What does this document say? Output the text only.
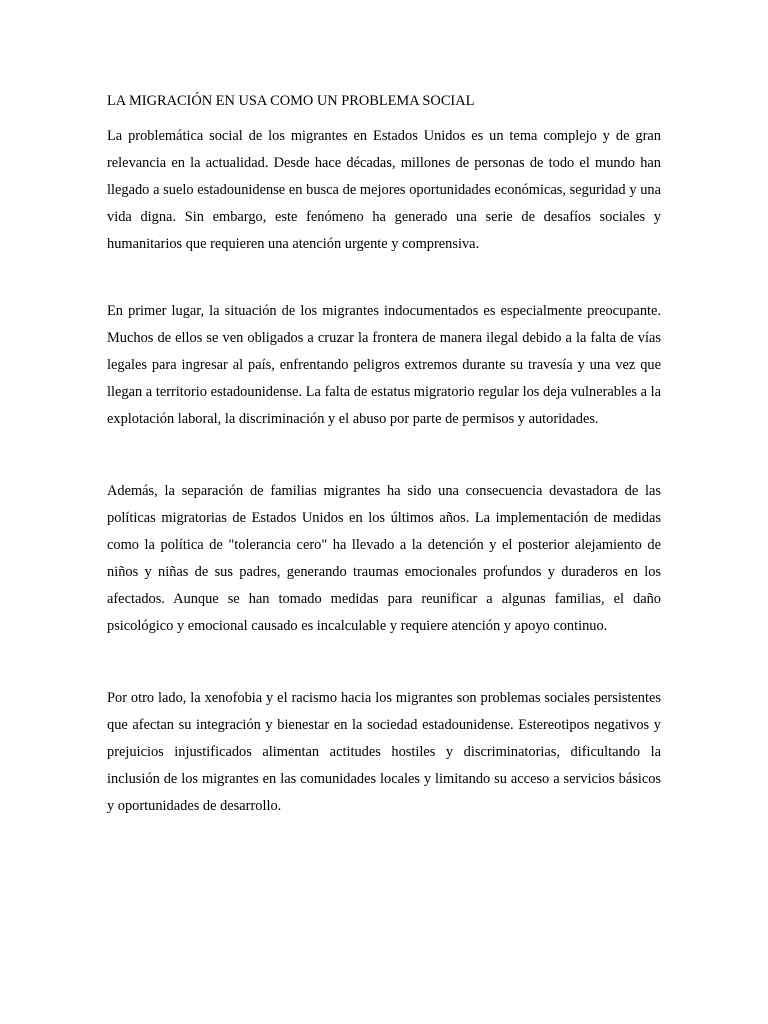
LA MIGRACIÓN EN USA COMO UN PROBLEMA SOCIAL

La problemática social de los migrantes en Estados Unidos es un tema complejo y de gran relevancia en la actualidad. Desde hace décadas, millones de personas de todo el mundo han llegado a suelo estadounidense en busca de mejores oportunidades económicas, seguridad y una vida digna. Sin embargo, este fenómeno ha generado una serie de desafíos sociales y humanitarios que requieren una atención urgente y comprensiva.

En primer lugar, la situación de los migrantes indocumentados es especialmente preocupante. Muchos de ellos se ven obligados a cruzar la frontera de manera ilegal debido a la falta de vías legales para ingresar al país, enfrentando peligros extremos durante su travesía y una vez que llegan a territorio estadounidense. La falta de estatus migratorio regular los deja vulnerables a la explotación laboral, la discriminación y el abuso por parte de permisos y autoridades.

Además, la separación de familias migrantes ha sido una consecuencia devastadora de las políticas migratorias de Estados Unidos en los últimos años. La implementación de medidas como la política de "tolerancia cero" ha llevado a la detención y el posterior alejamiento de niños y niñas de sus padres, generando traumas emocionales profundos y duraderos en los afectados. Aunque se han tomado medidas para reunificar a algunas familias, el daño psicológico y emocional causado es incalculable y requiere atención y apoyo continuo.

Por otro lado, la xenofobia y el racismo hacia los migrantes son problemas sociales persistentes que afectan su integración y bienestar en la sociedad estadounidense. Estereotipos negativos y prejuicios injustificados alimentan actitudes hostiles y discriminatorias, dificultando la inclusión de los migrantes en las comunidades locales y limitando su acceso a servicios básicos y oportunidades de desarrollo.
